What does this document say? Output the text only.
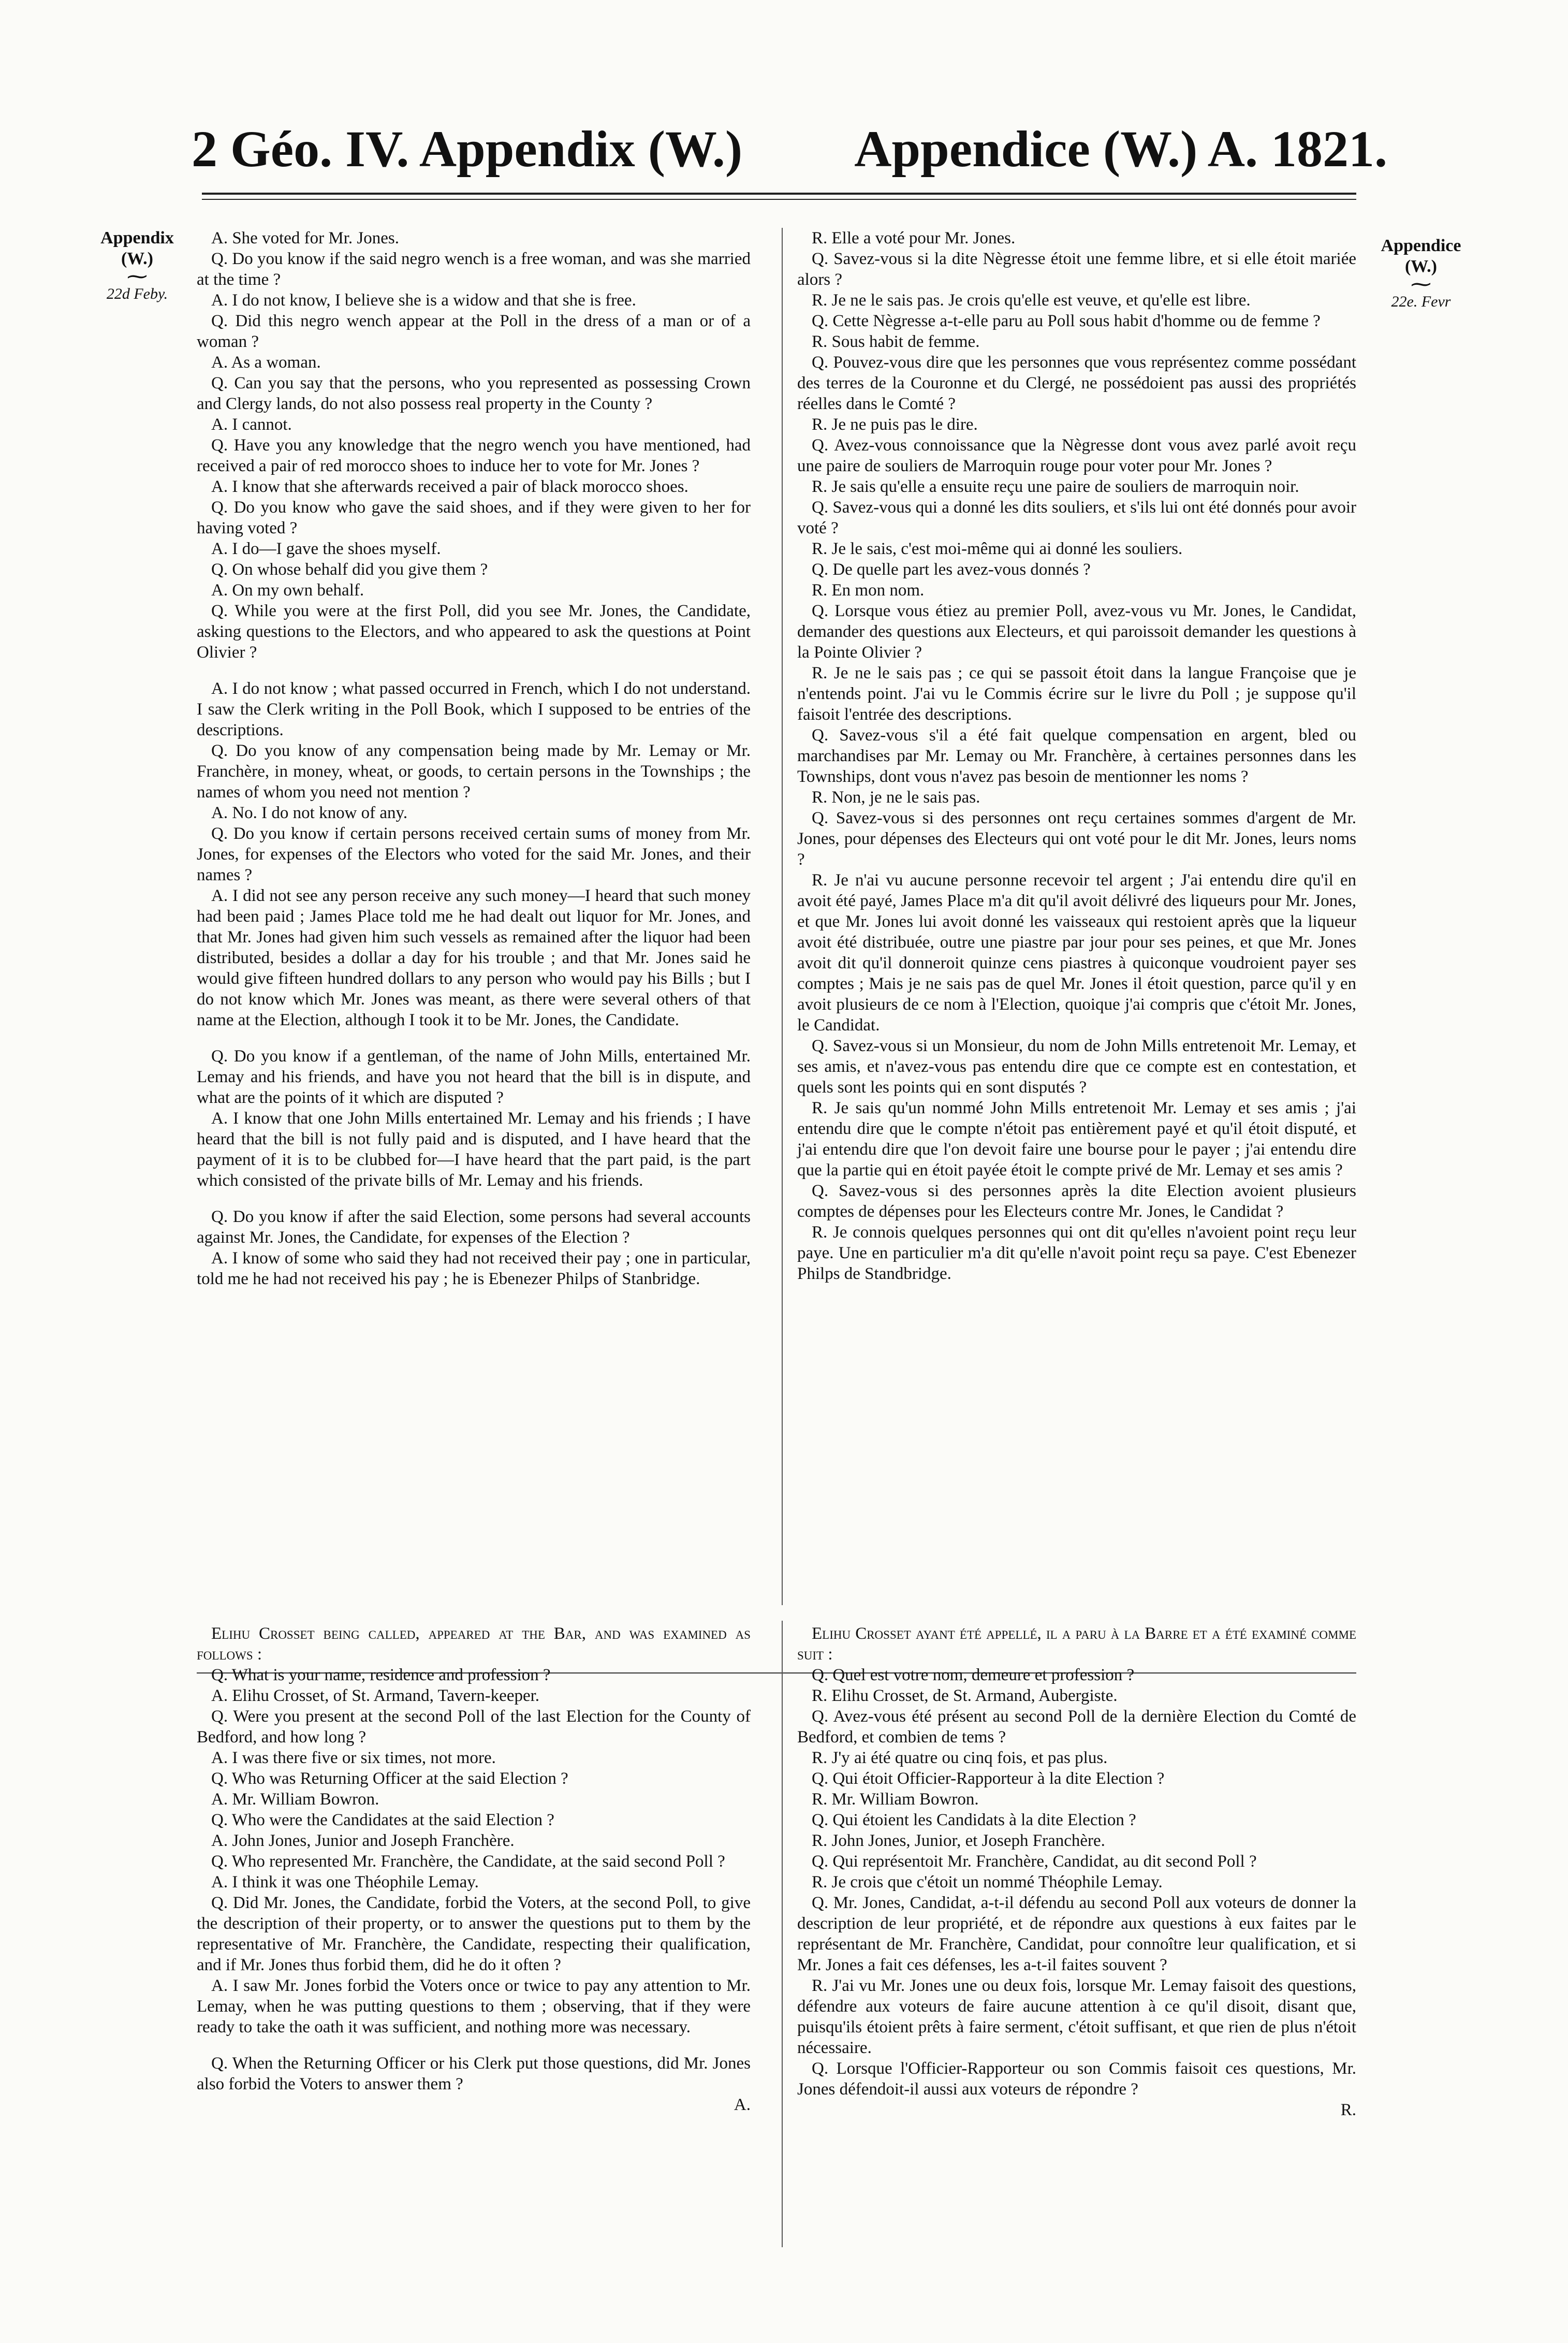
2 Géo. IV. Appendix (W.) Appendice (W.) A. 1821.
Appendix
(W.)
⁓
22d Feby.
Appendice
(W.)
⁓
22e. Fevr

A. She voted for Mr. Jones.

Q. Do you know if the said negro wench is a free woman, and was she married at the time ?

A. I do not know, I believe she is a widow and that she is free.

Q. Did this negro wench appear at the Poll in the dress of a man or of a woman ?

A. As a woman.

Q. Can you say that the persons, who you represented as possessing Crown and Clergy lands, do not also possess real property in the County ?

A. I cannot.

Q. Have you any knowledge that the negro wench you have mentioned, had received a pair of red morocco shoes to induce her to vote for Mr. Jones ?

A. I know that she afterwards received a pair of black morocco shoes.

Q. Do you know who gave the said shoes, and if they were given to her for having voted ?

A. I do—I gave the shoes myself.

Q. On whose behalf did you give them ?

A. On my own behalf.

Q. While you were at the first Poll, did you see Mr. Jones, the Candidate, asking questions to the Electors, and who appeared to ask the questions at Point Olivier ?

A. I do not know ; what passed occurred in French, which I do not understand. I saw the Clerk writing in the Poll Book, which I supposed to be entries of the descriptions.

Q. Do you know of any compensation being made by Mr. Lemay or Mr. Franchère, in money, wheat, or goods, to certain persons in the Townships ; the names of whom you need not mention ?

A. No. I do not know of any.

Q. Do you know if certain persons received certain sums of money from Mr. Jones, for expenses of the Electors who voted for the said Mr. Jones, and their names ?

A. I did not see any person receive any such money—I heard that such money had been paid ; James Place told me he had dealt out liquor for Mr. Jones, and that Mr. Jones had given him such vessels as remained after the liquor had been distributed, besides a dollar a day for his trouble ; and that Mr. Jones said he would give fifteen hundred dollars to any person who would pay his Bills ; but I do not know which Mr. Jones was meant, as there were several others of that name at the Election, although I took it to be Mr. Jones, the Candidate.

Q. Do you know if a gentleman, of the name of John Mills, entertained Mr. Lemay and his friends, and have you not heard that the bill is in dispute, and what are the points of it which are disputed ?

A. I know that one John Mills entertained Mr. Lemay and his friends ; I have heard that the bill is not fully paid and is disputed, and I have heard that the payment of it is to be clubbed for—I have heard that the part paid, is the part which consisted of the private bills of Mr. Lemay and his friends.

Q. Do you know if after the said Election, some persons had several accounts against Mr. Jones, the Candidate, for expenses of the Election ?

A. I know of some who said they had not received their pay ; one in particular, told me he had not received his pay ; he is Ebenezer Philps of Stanbridge.

R. Elle a voté pour Mr. Jones.

Q. Savez-vous si la dite Nègresse étoit une femme libre, et si elle étoit mariée alors ?

R. Je ne le sais pas. Je crois qu'elle est veuve, et qu'elle est libre.

Q. Cette Nègresse a-t-elle paru au Poll sous habit d'homme ou de femme ?

R. Sous habit de femme.

Q. Pouvez-vous dire que les personnes que vous représentez comme possédant des terres de la Couronne et du Clergé, ne possédoient pas aussi des propriétés réelles dans le Comté ?

R. Je ne puis pas le dire.

Q. Avez-vous connoissance que la Nègresse dont vous avez parlé avoit reçu une paire de souliers de Marroquin rouge pour voter pour Mr. Jones ?

R. Je sais qu'elle a ensuite reçu une paire de souliers de marroquin noir.

Q. Savez-vous qui a donné les dits souliers, et s'ils lui ont été donnés pour avoir voté ?

R. Je le sais, c'est moi-même qui ai donné les souliers.

Q. De quelle part les avez-vous donnés ?

R. En mon nom.

Q. Lorsque vous étiez au premier Poll, avez-vous vu Mr. Jones, le Candidat, demander des questions aux Electeurs, et qui paroissoit demander les questions à la Pointe Olivier ?

R. Je ne le sais pas ; ce qui se passoit étoit dans la langue Françoise que je n'entends point. J'ai vu le Commis écrire sur le livre du Poll ; je suppose qu'il faisoit l'entrée des descriptions.

Q. Savez-vous s'il a été fait quelque compensation en argent, bled ou marchandises par Mr. Lemay ou Mr. Franchère, à certaines personnes dans les Townships, dont vous n'avez pas besoin de mentionner les noms ?

R. Non, je ne le sais pas.

Q. Savez-vous si des personnes ont reçu certaines sommes d'argent de Mr. Jones, pour dépenses des Electeurs qui ont voté pour le dit Mr. Jones, leurs noms ?

R. Je n'ai vu aucune personne recevoir tel argent ; J'ai entendu dire qu'il en avoit été payé, James Place m'a dit qu'il avoit délivré des liqueurs pour Mr. Jones, et que Mr. Jones lui avoit donné les vaisseaux qui restoient après que la liqueur avoit été distribuée, outre une piastre par jour pour ses peines, et que Mr. Jones avoit dit qu'il donneroit quinze cens piastres à quiconque voudroient payer ses comptes ; Mais je ne sais pas de quel Mr. Jones il étoit question, parce qu'il y en avoit plusieurs de ce nom à l'Election, quoique j'ai compris que c'étoit Mr. Jones, le Candidat.

Q. Savez-vous si un Monsieur, du nom de John Mills entretenoit Mr. Lemay, et ses amis, et n'avez-vous pas entendu dire que ce compte est en contestation, et quels sont les points qui en sont disputés ?

R. Je sais qu'un nommé John Mills entretenoit Mr. Lemay et ses amis ; j'ai entendu dire que le compte n'étoit pas entièrement payé et qu'il étoit disputé, et j'ai entendu dire que l'on devoit faire une bourse pour le payer ; j'ai entendu dire que la partie qui en étoit payée étoit le compte privé de Mr. Lemay et ses amis ?

Q. Savez-vous si des personnes après la dite Election avoient plusieurs comptes de dépenses pour les Electeurs contre Mr. Jones, le Candidat ?

R. Je connois quelques personnes qui ont dit qu'elles n'avoient point reçu leur paye. Une en particulier m'a dit qu'elle n'avoit point reçu sa paye. C'est Ebenezer Philps de Standbridge.

Elihu Crosset being called, appeared at the Bar, and was examined as follows :

Q. What is your name, residence and profession ?

A. Elihu Crosset, of St. Armand, Tavern-keeper.

Q. Were you present at the second Poll of the last Election for the County of Bedford, and how long ?

A. I was there five or six times, not more.

Q. Who was Returning Officer at the said Election ?

A. Mr. William Bowron.

Q. Who were the Candidates at the said Election ?

A. John Jones, Junior and Joseph Franchère.

Q. Who represented Mr. Franchère, the Candidate, at the said second Poll ?

A. I think it was one Théophile Lemay.

Q. Did Mr. Jones, the Candidate, forbid the Voters, at the second Poll, to give the description of their property, or to answer the questions put to them by the representative of Mr. Franchère, the Candidate, respecting their qualification, and if Mr. Jones thus forbid them, did he do it often ?

A. I saw Mr. Jones forbid the Voters once or twice to pay any attention to Mr. Lemay, when he was putting questions to them ; observing, that if they were ready to take the oath it was sufficient, and nothing more was necessary.

Q. When the Returning Officer or his Clerk put those questions, did Mr. Jones also forbid the Voters to answer them ?

A.

Elihu Crosset ayant été appellé, il a paru à la Barre et a été examiné comme suit :

Q. Quel est votre nom, demeure et profession ?

R. Elihu Crosset, de St. Armand, Aubergiste.

Q. Avez-vous été présent au second Poll de la dernière Election du Comté de Bedford, et combien de tems ?

R. J'y ai été quatre ou cinq fois, et pas plus.

Q. Qui étoit Officier-Rapporteur à la dite Election ?

R. Mr. William Bowron.

Q. Qui étoient les Candidats à la dite Election ?

R. John Jones, Junior, et Joseph Franchère.

Q. Qui représentoit Mr. Franchère, Candidat, au dit second Poll ?

R. Je crois que c'étoit un nommé Théophile Lemay.

Q. Mr. Jones, Candidat, a-t-il défendu au second Poll aux voteurs de donner la description de leur propriété, et de répondre aux questions à eux faites par le représentant de Mr. Franchère, Candidat, pour connoître leur qualification, et si Mr. Jones a fait ces défenses, les a-t-il faites souvent ?

R. J'ai vu Mr. Jones une ou deux fois, lorsque Mr. Lemay faisoit des questions, défendre aux voteurs de faire aucune attention à ce qu'il disoit, disant que, puisqu'ils étoient prêts à faire serment, c'étoit suffisant, et que rien de plus n'étoit nécessaire.

Q. Lorsque l'Officier-Rapporteur ou son Commis faisoit ces questions, Mr. Jones défendoit-il aussi aux voteurs de répondre ?

R.
